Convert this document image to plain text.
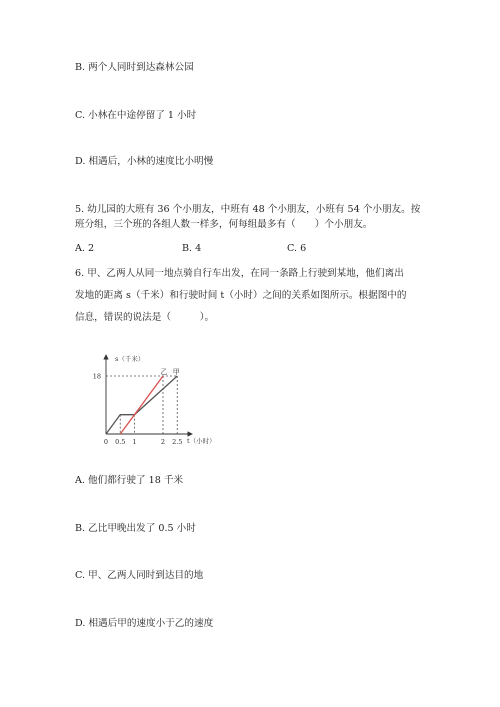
B. 两个人同时到达森林公园
C. 小林在中途停留了 1 小时
D. 相遇后，小林的速度比小明慢
5. 幼儿园的大班有 36 个小朋友，中班有 48 个小朋友，小班有 54 个小朋友。按
班分组，三个班的各组人数一样多，何每组最多有（　　）个小朋友。
A. 2	B. 4	C. 6
6. 甲、乙两人从同一地点骑自行车出发，在同一条路上行驶到某地，他们离出
发地的距离 s（千米）和行驶时间 t（小时）之间的关系如图所示。根据图中的
信息，错误的说法是（　　　）。
s（千米）
t（小时）
18
0 0.5 1	2 2.5
乙 甲
A. 他们都行驶了 18 千米
B. 乙比甲晚出发了 0.5 小时
C. 甲、乙两人同时到达目的地
D. 相遇后甲的速度小于乙的速度
